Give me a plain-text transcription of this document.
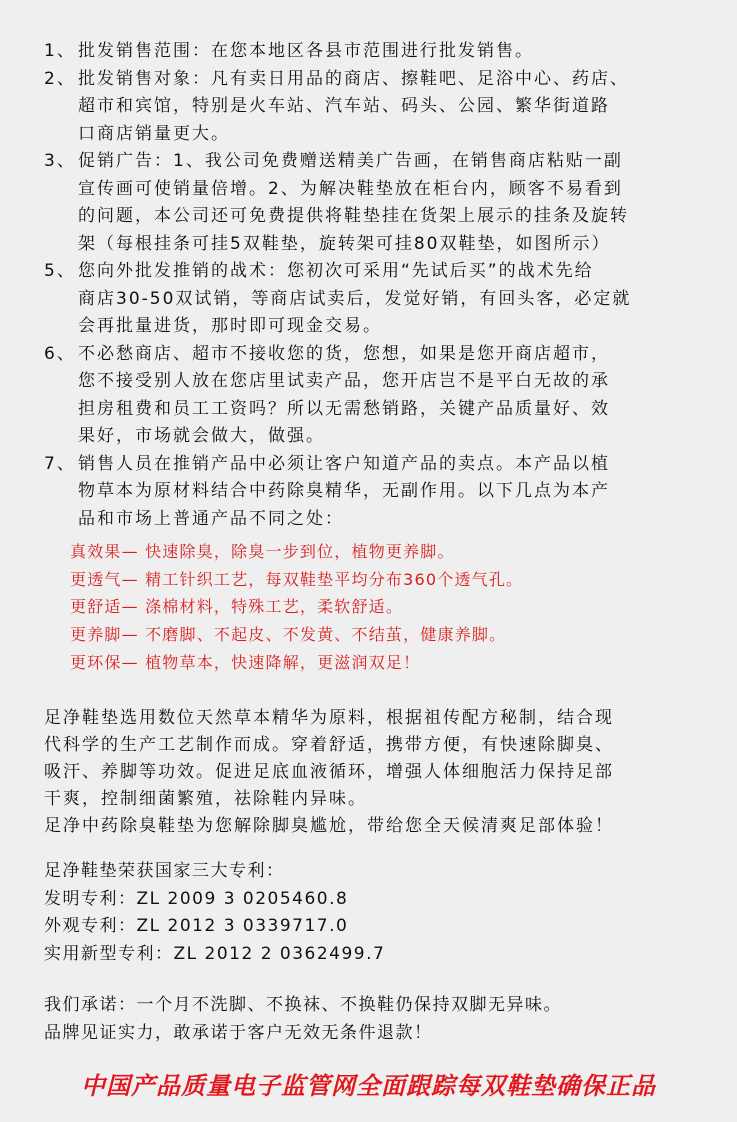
1、 批发销售范围：在您本地区各县市范围进行批发销售。
2、 批发销售对象：凡有卖日用品的商店、擦鞋吧、足浴中心、药店、
超市和宾馆，特别是火车站、汽车站、码头、公园、繁华街道路
口商店销量更大。
3、 促销广告：1、我公司免费赠送精美广告画，在销售商店粘贴一副
宣传画可使销量倍增。2、为解决鞋垫放在柜台内，顾客不易看到
的问题，本公司还可免费提供将鞋垫挂在货架上展示的挂条及旋转
架（每根挂条可挂5双鞋垫，旋转架可挂80双鞋垫，如图所示）
5、 您向外批发推销的战术：您初次可采用“先试后买”的战术先给
商店30-50双试销，等商店试卖后，发觉好销，有回头客，必定就
会再批量进货，那时即可现金交易。
6、 不必愁商店、超市不接收您的货，您想，如果是您开商店超市，
您不接受别人放在您店里试卖产品，您开店岂不是平白无故的承
担房租费和员工工资吗？所以无需愁销路，关键产品质量好、效
果好，市场就会做大，做强。
7、 销售人员在推销产品中必须让客户知道产品的卖点。本产品以植
物草本为原材料结合中药除臭精华，无副作用。以下几点为本产
品和市场上普通产品不同之处：
真效果— 快速除臭，除臭一步到位，植物更养脚。
更透气— 精工针织工艺，每双鞋垫平均分布360个透气孔。
更舒适— 涤棉材料，特殊工艺，柔软舒适。
更养脚— 不磨脚、不起皮、不发黄、不结茧，健康养脚。
更环保— 植物草本，快速降解，更滋润双足！
足净鞋垫选用数位天然草本精华为原料，根据祖传配方秘制，结合现
代科学的生产工艺制作而成。穿着舒适，携带方便，有快速除脚臭、
吸汗、养脚等功效。促进足底血液循环，增强人体细胞活力保持足部
干爽，控制细菌繁殖，祛除鞋内异味。
足净中药除臭鞋垫为您解除脚臭尴尬，带给您全天候清爽足部体验！
足净鞋垫荣获国家三大专利：
发明专利：ZL 2009 3 0205460.8
外观专利：ZL 2012 3 0339717.0
实用新型专利：ZL 2012 2 0362499.7
我们承诺：一个月不洗脚、不换袜、不换鞋仍保持双脚无异味。
品牌见证实力，敢承诺于客户无效无条件退款！
中国产品质量电子监管网全面跟踪每双鞋垫确保正品
